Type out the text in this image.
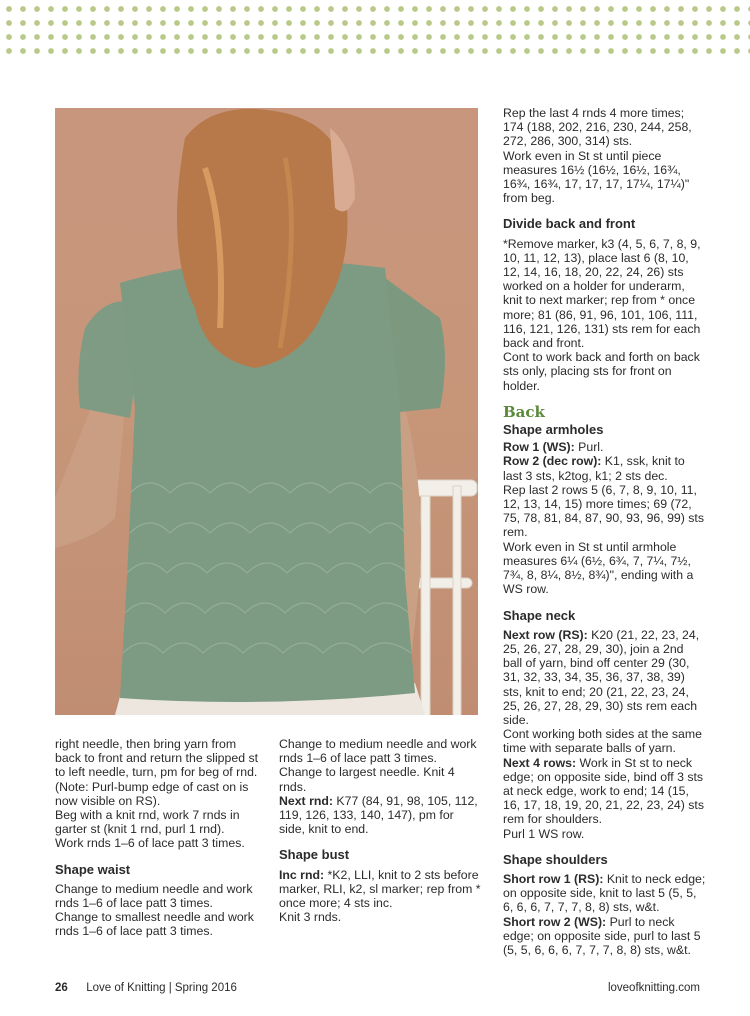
right needle, then bring yarn from back to front and return the slipped st to left needle, turn, pm for beg of rnd. (Note: Purl-bump edge of cast on is now visible on RS).

Beg with a knit rnd, work 7 rnds in garter st (knit 1 rnd, purl 1 rnd).

Work rnds 1–6 of lace patt 3 times.

Shape waist

Change to medium needle and work rnds 1–6 of lace patt 3 times.

Change to smallest needle and work rnds 1–6 of lace patt 3 times.

Change to medium needle and work rnds 1–6 of lace patt 3 times.

Change to largest needle. Knit 4 rnds.

Next rnd: K77 (84, 91, 98, 105, 112, 119, 126, 133, 140, 147), pm for side, knit to end.

Shape bust

Inc rnd: *K2, LLI, knit to 2 sts before marker, RLI, k2, sl marker; rep from * once more; 4 sts inc.

Knit 3 rnds.

Rep the last 4 rnds 4 more times; 174 (188, 202, 216, 230, 244, 258, 272, 286, 300, 314) sts.

Work even in St st until piece measures 16½ (16½, 16½, 16¾, 16¾, 16¾, 17, 17, 17, 17¼, 17¼)" from beg.

Divide back and front

*Remove marker, k3 (4, 5, 6, 7, 8, 9, 10, 11, 12, 13), place last 6 (8, 10, 12, 14, 16, 18, 20, 22, 24, 26) sts worked on a holder for underarm, knit to next marker; rep from * once more; 81 (86, 91, 96, 101, 106, 111, 116, 121, 126, 131) sts rem for each back and front.

Cont to work back and forth on back sts only, placing sts for front on holder.

Back
Shape armholes

Row 1 (WS): Purl.

Row 2 (dec row): K1, ssk, knit to last 3 sts, k2tog, k1; 2 sts dec.

Rep last 2 rows 5 (6, 7, 8, 9, 10, 11, 12, 13, 14, 15) more times; 69 (72, 75, 78, 81, 84, 87, 90, 93, 96, 99) sts rem.

Work even in St st until armhole measures 6¼ (6½, 6¾, 7, 7¼, 7½, 7¾, 8, 8¼, 8½, 8¾)", ending with a WS row.

Shape neck

Next row (RS): K20 (21, 22, 23, 24, 25, 26, 27, 28, 29, 30), join a 2nd ball of yarn, bind off center 29 (30, 31, 32, 33, 34, 35, 36, 37, 38, 39) sts, knit to end; 20 (21, 22, 23, 24, 25, 26, 27, 28, 29, 30) sts rem each side.

Cont working both sides at the same time with separate balls of yarn.

Next 4 rows: Work in St st to neck edge; on opposite side, bind off 3 sts at neck edge, work to end; 14 (15, 16, 17, 18, 19, 20, 21, 22, 23, 24) sts rem for shoulders.

Purl 1 WS row.

Shape shoulders

Short row 1 (RS): Knit to neck edge; on opposite side, knit to last 5 (5, 5, 6, 6, 6, 7, 7, 7, 8, 8) sts, w&t.

Short row 2 (WS): Purl to neck edge; on opposite side, purl to last 5 (5, 5, 6, 6, 6, 7, 7, 7, 8, 8) sts, w&t.

26 Love of Knitting | Spring 2016	loveofknitting.com
